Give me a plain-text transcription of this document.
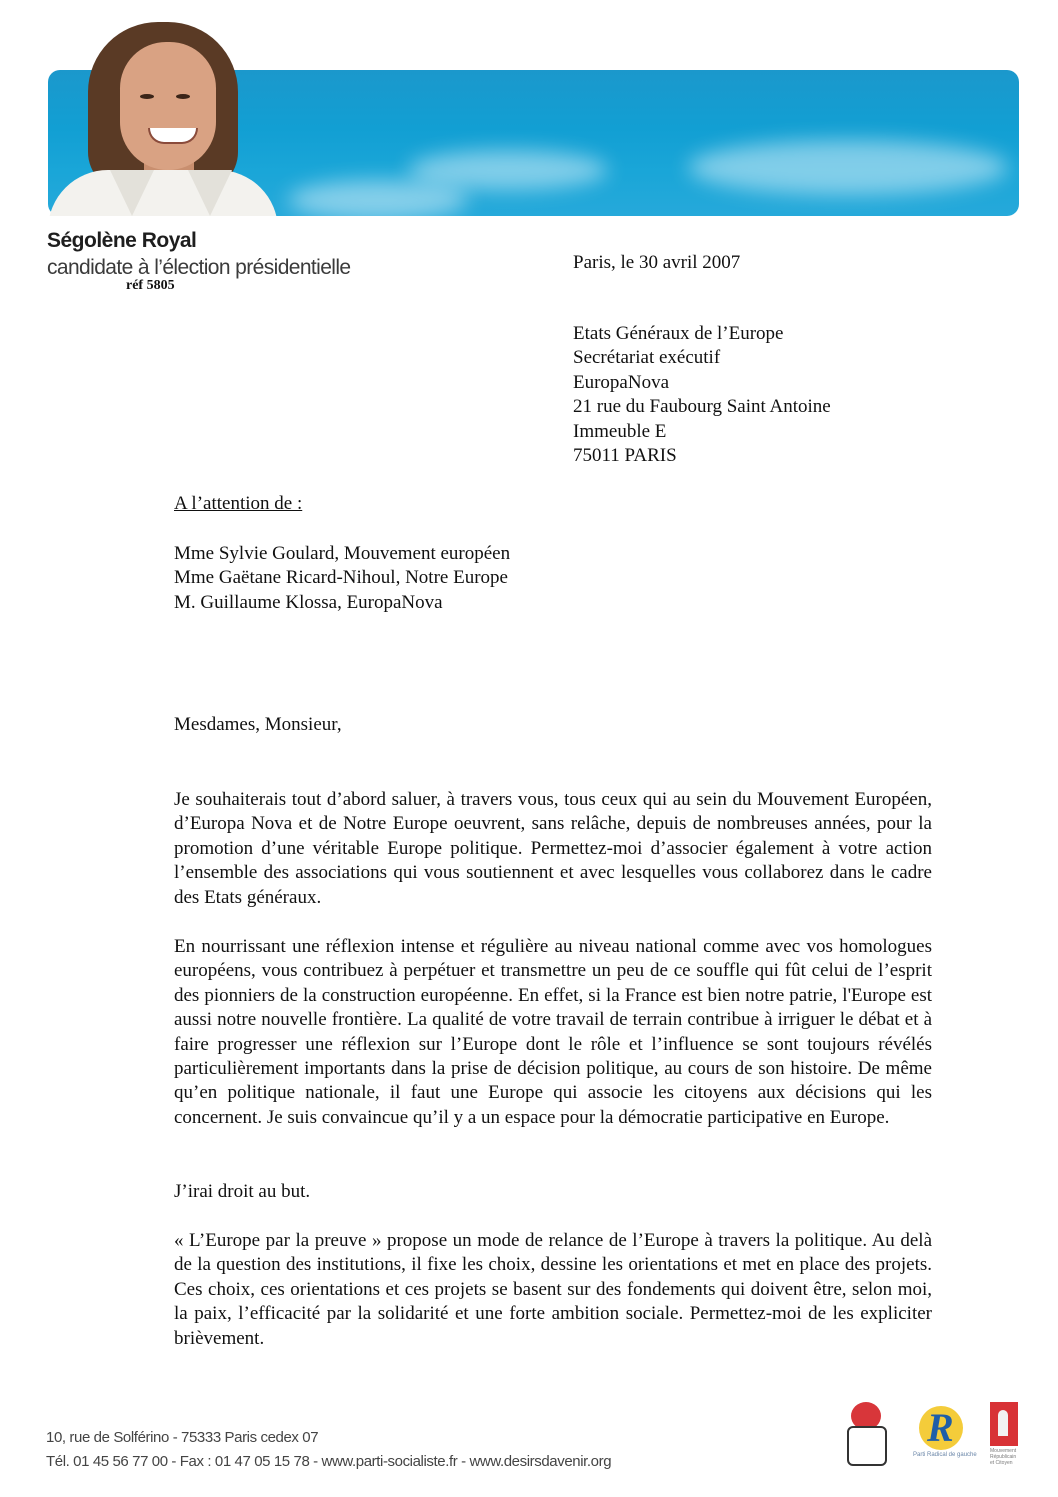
Ségolène Royal
candidate à l’élection présidentielle
réf 5805
Paris, le 30 avril 2007
Etats Généraux de l’Europe
Secrétariat exécutif
EuropaNova
21 rue du Faubourg Saint Antoine
Immeuble E
75011 PARIS
A l’attention de :
Mme Sylvie Goulard, Mouvement européen
Mme Gaëtane Ricard-Nihoul, Notre Europe
M. Guillaume Klossa, EuropaNova
Mesdames, Monsieur,

Je souhaiterais tout d’abord saluer, à travers vous, tous ceux qui au sein du Mouvement Européen, d’Europa Nova et de Notre Europe oeuvrent, sans relâche, depuis de nombreuses années, pour la promotion d’une véritable Europe politique. Permettez-moi d’associer également à votre action l’ensemble des associations qui vous soutiennent et avec lesquelles vous collaborez dans le cadre des Etats généraux.

En nourrissant une réflexion intense et régulière au niveau national comme avec vos homologues européens, vous contribuez à perpétuer et transmettre un peu de ce souffle qui fût celui de l’esprit des pionniers de la construction européenne. En effet, si la France est bien notre patrie, l'Europe est aussi notre nouvelle frontière. La qualité de votre travail de terrain contribue à irriguer le débat et à faire progresser une réflexion sur l’Europe dont le rôle et l’influence se sont toujours révélés particulièrement importants dans la prise de décision politique, au cours de son histoire. De même qu’en politique nationale, il faut une Europe qui associe les citoyens aux décisions qui les concernent. Je suis convaincue qu’il y a un espace pour la démocratie participative en Europe.

J’irai droit au but.

« L’Europe par la preuve » propose un mode de relance de l’Europe à travers la politique. Au delà de la question des institutions, il fixe les choix, dessine les orientations et met en place des projets. Ces choix, ces orientations et ces projets se basent sur des fondements qui doivent être, selon moi, la paix, l’efficacité par la solidarité et une forte ambition sociale. Permettez-moi de les expliciter brièvement.

10, rue de Solférino - 75333 Paris cedex 07
Tél. 01 45 56 77 00 - Fax : 01 47 05 15 78 - www.parti-socialiste.fr - www.desirsdavenir.org
R
Parti Radical de gauche
Mouvement Républicain et Citoyen
